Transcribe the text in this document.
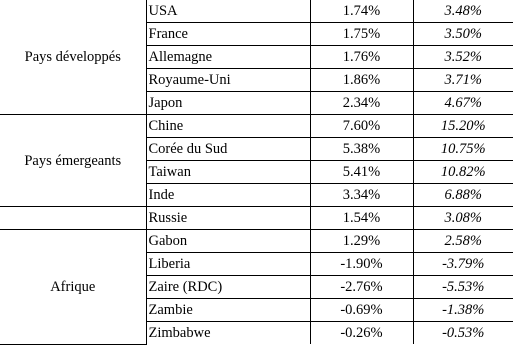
Pays développés	USA	1.74%	3.48%
	France	1.75%	3.50%
	Allemagne	1.76%	3.52%
	Royaume-Uni	1.86%	3.71%
	Japon	2.34%	4.67%
Pays émergeants	Chine	7.60%	15.20%
	Corée du Sud	5.38%	10.75%
	Taiwan	5.41%	10.82%
	Inde	3.34%	6.88%
	Russie	1.54%	3.08%
Afrique	Gabon	1.29%	2.58%
	Liberia	-1.90%	-3.79%
	Zaire (RDC)	-2.76%	-5.53%
	Zambie	-0.69%	-1.38%
	Zimbabwe	-0.26%	-0.53%
